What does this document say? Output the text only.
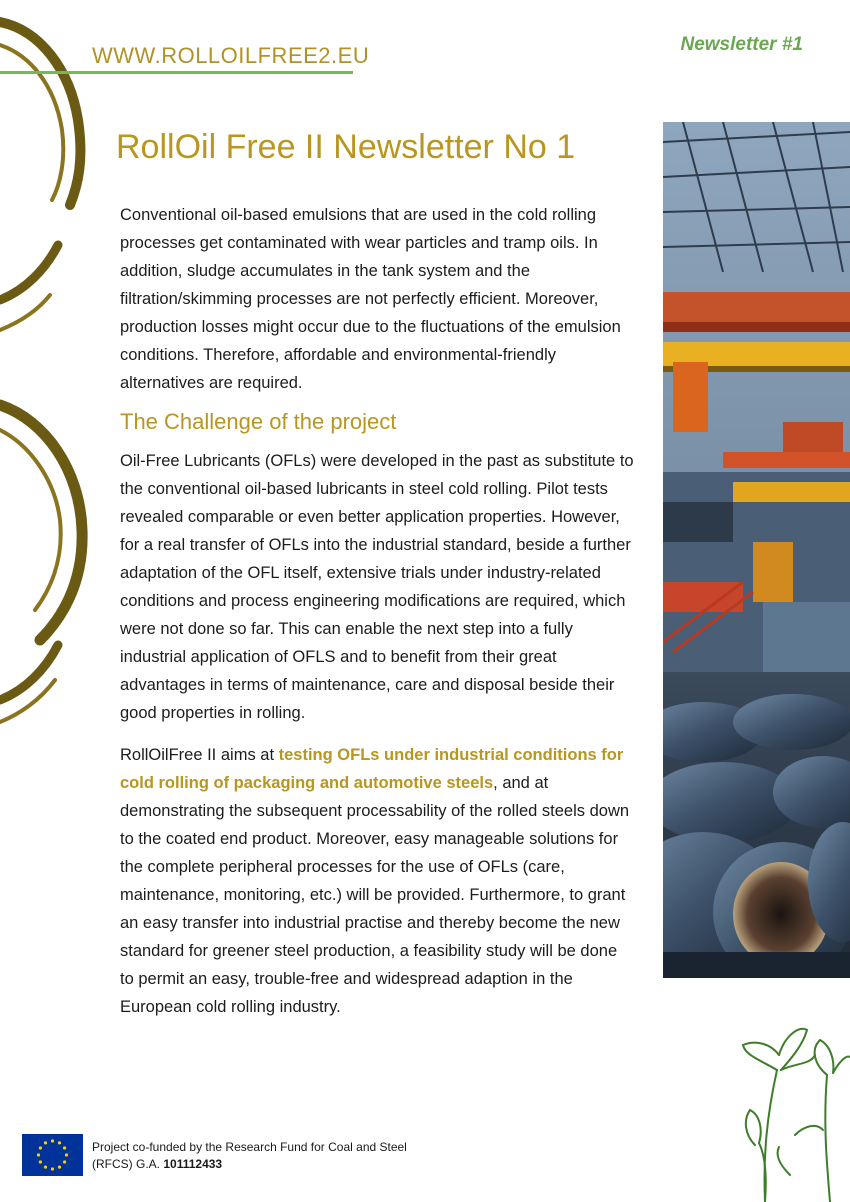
WWW.ROLLOILFREE2.EU	Newsletter #1
RollOil Free II Newsletter No 1

Conventional oil-based emulsions that are used in the cold rolling processes get contaminated with wear particles and tramp oils. In addition, sludge accumulates in the tank system and the filtration/skimming processes are not perfectly efficient. Moreover, production losses might occur due to the fluctuations of the emulsion conditions. Therefore, affordable and environmental-friendly alternatives are required.

The Challenge of the project

Oil-Free Lubricants (OFLs) were developed in the past as substitute to the conventional oil-based lubricants in steel cold rolling. Pilot tests revealed comparable or even better application properties. However, for a real transfer of OFLs into the industrial standard, beside a further adaptation of the OFL itself, extensive trials under industry-related conditions and process engineering modifications are required, which were not done so far. This can enable the next step into a fully industrial application of OFLS and to benefit from their great advantages in terms of maintenance, care and disposal beside their good properties in rolling.

RollOilFree II aims at testing OFLs under industrial conditions for cold rolling of packaging and automotive steels, and at demonstrating the subsequent processability of the rolled steels down to the coated end product. Moreover, easy manageable solutions for the complete peripheral processes for the use of OFLs (care, maintenance, monitoring, etc.) will be provided. Furthermore, to grant an easy transfer into industrial practise and thereby become the new standard for greener steel production, a feasibility study will be done to permit an easy, trouble-free and widespread adaption in the European cold rolling industry.

Project co-funded by the Research Fund for Coal and Steel
(RFCS) G.A. 101112433
